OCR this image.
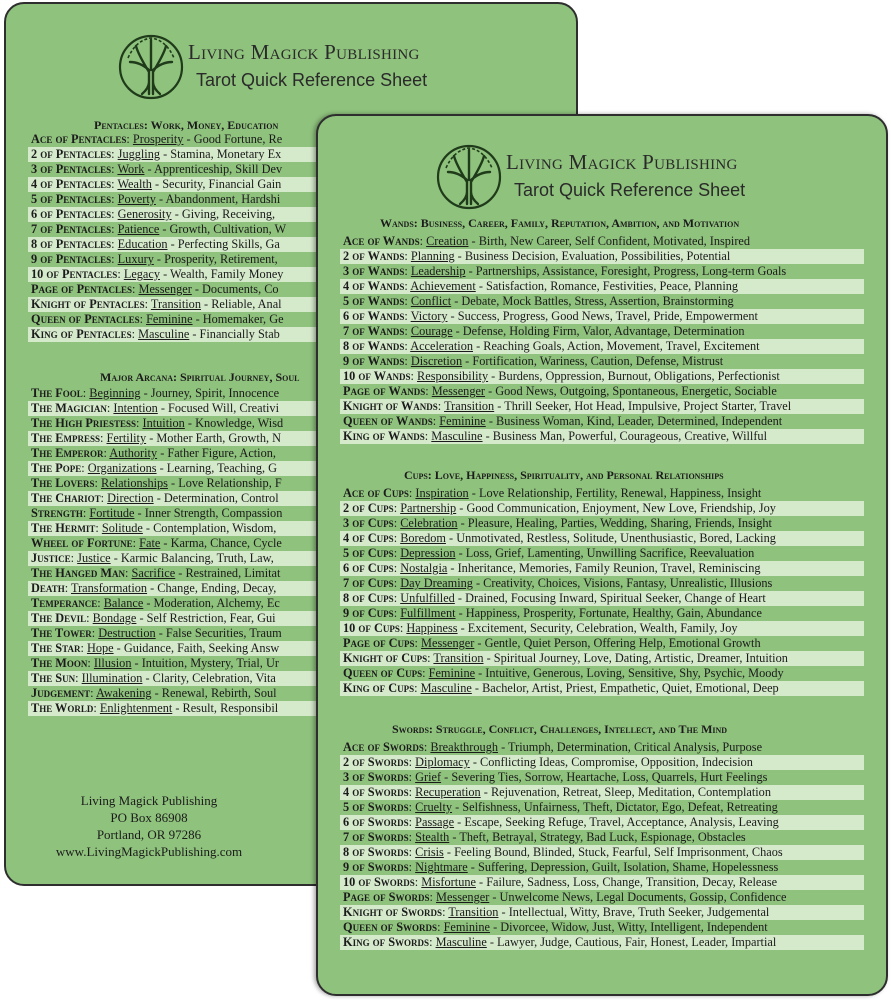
Living Magick Publishing
Tarot Quick Reference Sheet
Pentacles: Work, Money, Education
Ace of Pentacles: Prosperity - Good Fortune, Re
2 of Pentacles: Juggling - Stamina, Monetary Ex
3 of Pentacles: Work - Apprenticeship, Skill Dev
4 of Pentacles: Wealth - Security, Financial Gain
5 of Pentacles: Poverty - Abandonment, Hardshi
6 of Pentacles: Generosity - Giving, Receiving,
7 of Pentacles: Patience - Growth, Cultivation, W
8 of Pentacles: Education - Perfecting Skills, Ga
9 of Pentacles: Luxury - Prosperity, Retirement,
10 of Pentacles: Legacy - Wealth, Family Money
Page of Pentacles: Messenger - Documents, Co
Knight of Pentacles: Transition - Reliable, Anal
Queen of Pentacles: Feminine - Homemaker, Ge
King of Pentacles: Masculine - Financially Stab
Major Arcana: Spiritual Journey, Soul
The Fool: Beginning - Journey, Spirit, Innocence
The Magician: Intention - Focused Will, Creativi
The High Priestess: Intuition - Knowledge, Wisd
The Empress: Fertility - Mother Earth, Growth, N
The Emperor: Authority - Father Figure, Action,
The Pope: Organizations - Learning, Teaching, G
The Lovers: Relationships - Love Relationship, F
The Chariot: Direction - Determination, Control
Strength: Fortitude - Inner Strength, Compassion
The Hermit: Solitude - Contemplation, Wisdom,
Wheel of Fortune: Fate - Karma, Chance, Cycle
Justice: Justice - Karmic Balancing, Truth, Law,
The Hanged Man: Sacrifice - Restrained, Limitat
Death: Transformation - Change, Ending, Decay,
Temperance: Balance - Moderation, Alchemy, Ec
The Devil: Bondage - Self Restriction, Fear, Gui
The Tower: Destruction - False Securities, Traum
The Star: Hope - Guidance, Faith, Seeking Answ
The Moon: Illusion - Intuition, Mystery, Trial, Ur
The Sun: Illumination - Clarity, Celebration, Vita
Judgement: Awakening - Renewal, Rebirth, Soul
The World: Enlightenment - Result, Responsibil
Living Magick Publishing
PO Box 86908
Portland, OR 97286
www.LivingMagickPublishing.com
Living Magick Publishing
Tarot Quick Reference Sheet
Wands: Business, Career, Family, Reputation, Ambition, and Motivation
Ace of Wands: Creation - Birth, New Career, Self Confident, Motivated, Inspired
2 of Wands: Planning - Business Decision, Evaluation, Possibilities, Potential
3 of Wands: Leadership - Partnerships, Assistance, Foresight, Progress, Long-term Goals
4 of Wands: Achievement - Satisfaction, Romance, Festivities, Peace, Planning
5 of Wands: Conflict - Debate, Mock Battles, Stress, Assertion, Brainstorming
6 of Wands: Victory - Success, Progress, Good News, Travel, Pride, Empowerment
7 of Wands: Courage - Defense, Holding Firm, Valor, Advantage, Determination
8 of Wands: Acceleration - Reaching Goals, Action, Movement, Travel, Excitement
9 of Wands: Discretion - Fortification, Wariness, Caution, Defense, Mistrust
10 of Wands: Responsibility - Burdens, Oppression, Burnout, Obligations, Perfectionist
Page of Wands: Messenger - Good News, Outgoing, Spontaneous, Energetic, Sociable
Knight of Wands: Transition - Thrill Seeker, Hot Head, Impulsive, Project Starter, Travel
Queen of Wands: Feminine - Business Woman, Kind, Leader, Determined, Independent
King of Wands: Masculine - Business Man, Powerful, Courageous, Creative, Willful
Cups: Love, Happiness, Spirituality, and Personal Relationships
Ace of Cups: Inspiration - Love Relationship, Fertility, Renewal, Happiness, Insight
2 of Cups: Partnership - Good Communication, Enjoyment, New Love, Friendship, Joy
3 of Cups: Celebration - Pleasure, Healing, Parties, Wedding, Sharing, Friends, Insight
4 of Cups: Boredom - Unmotivated, Restless, Solitude, Unenthusiastic, Bored, Lacking
5 of Cups: Depression - Loss, Grief, Lamenting, Unwilling Sacrifice, Reevaluation
6 of Cups: Nostalgia - Inheritance, Memories, Family Reunion, Travel, Reminiscing
7 of Cups: Day Dreaming - Creativity, Choices, Visions, Fantasy, Unrealistic, Illusions
8 of Cups: Unfulfilled - Drained, Focusing Inward, Spiritual Seeker, Change of Heart
9 of Cups: Fulfillment - Happiness, Prosperity, Fortunate, Healthy, Gain, Abundance
10 of Cups: Happiness - Excitement, Security, Celebration, Wealth, Family, Joy
Page of Cups: Messenger - Gentle, Quiet Person, Offering Help, Emotional Growth
Knight of Cups: Transition - Spiritual Journey, Love, Dating, Artistic, Dreamer, Intuition
Queen of Cups: Feminine - Intuitive, Generous, Loving, Sensitive, Shy, Psychic, Moody
King of Cups: Masculine - Bachelor, Artist, Priest, Empathetic, Quiet, Emotional, Deep
Swords: Struggle, Conflict, Challenges, Intellect, and The Mind
Ace of Swords: Breakthrough - Triumph, Determination, Critical Analysis, Purpose
2 of Swords: Diplomacy - Conflicting Ideas, Compromise, Opposition, Indecision
3 of Swords: Grief - Severing Ties, Sorrow, Heartache, Loss, Quarrels, Hurt Feelings
4 of Swords: Recuperation - Rejuvenation, Retreat, Sleep, Meditation, Contemplation
5 of Swords: Cruelty - Selfishness, Unfairness, Theft, Dictator, Ego, Defeat, Retreating
6 of Swords: Passage - Escape, Seeking Refuge, Travel, Acceptance, Analysis, Leaving
7 of Swords: Stealth - Theft, Betrayal, Strategy, Bad Luck, Espionage, Obstacles
8 of Swords: Crisis - Feeling Bound, Blinded, Stuck, Fearful, Self Imprisonment, Chaos
9 of Swords: Nightmare - Suffering, Depression, Guilt, Isolation, Shame, Hopelessness
10 of Swords: Misfortune - Failure, Sadness, Loss, Change, Transition, Decay, Release
Page of Swords: Messenger - Unwelcome News, Legal Documents, Gossip, Confidence
Knight of Swords: Transition - Intellectual, Witty, Brave, Truth Seeker, Judgemental
Queen of Swords: Feminine - Divorcee, Widow, Just, Witty, Intelligent, Independent
King of Swords: Masculine - Lawyer, Judge, Cautious, Fair, Honest, Leader, Impartial
